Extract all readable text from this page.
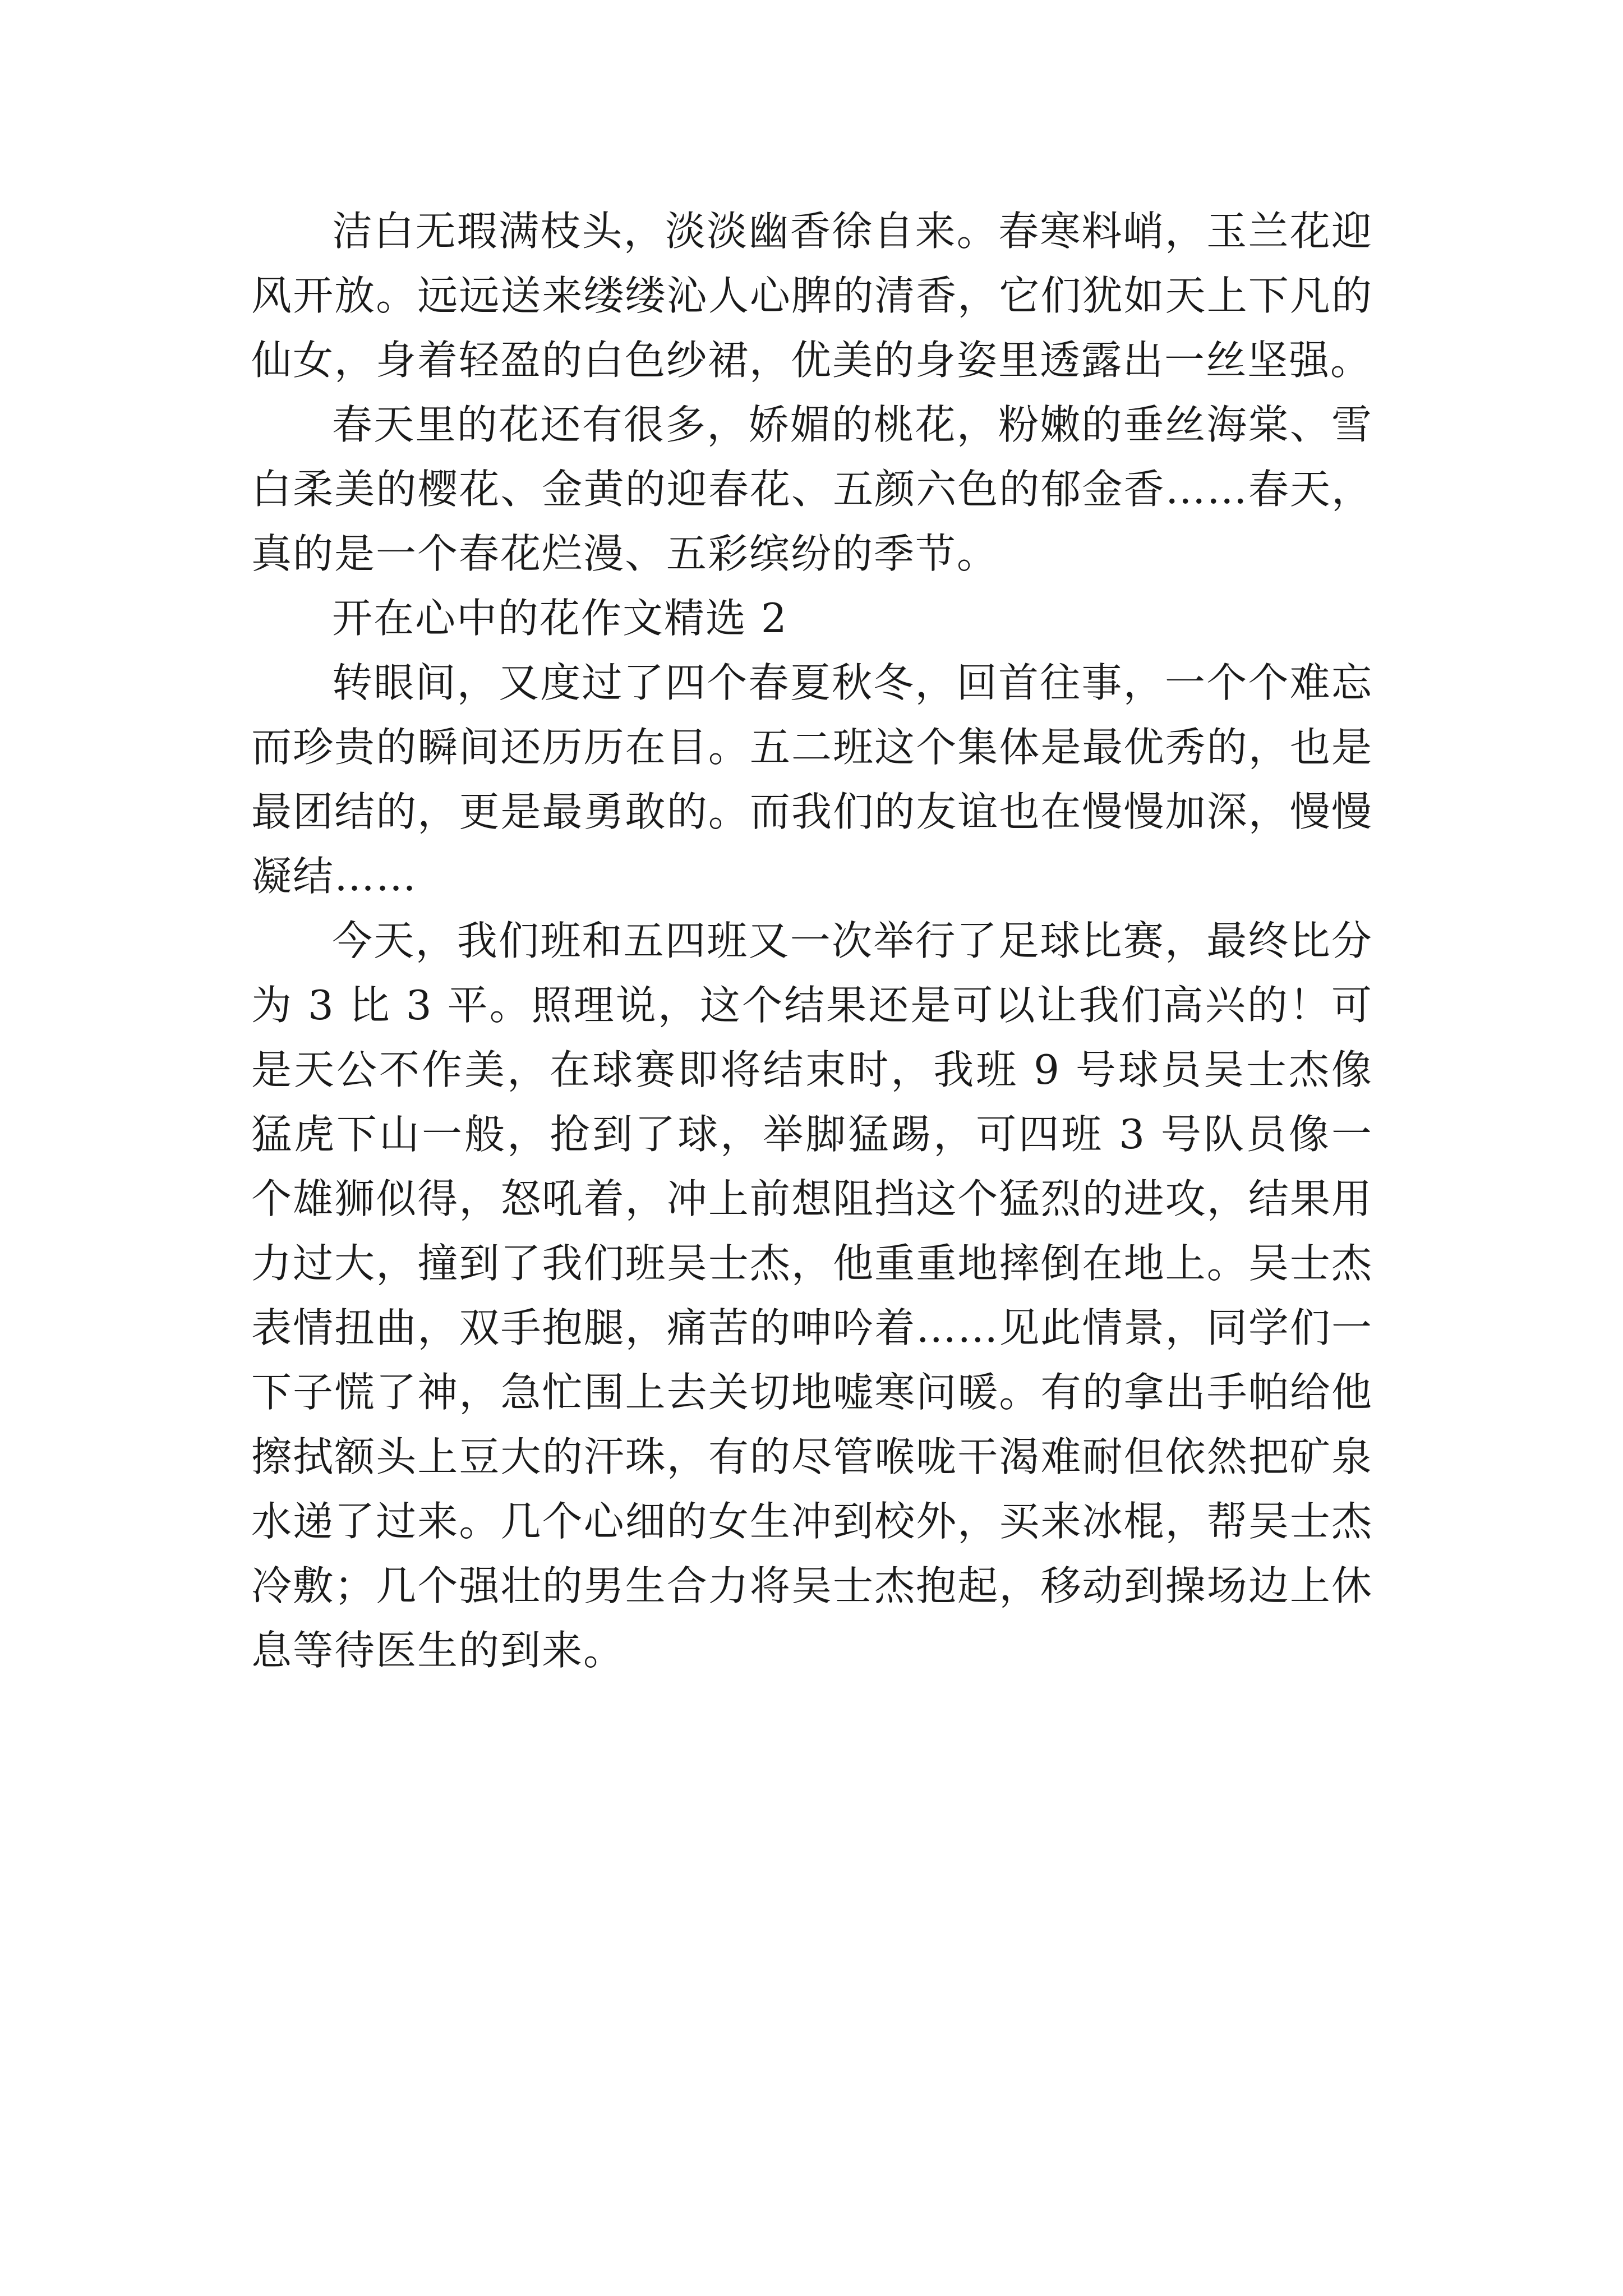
洁白无瑕满枝头，淡淡幽香徐自来。春寒料峭，玉兰花迎风开放。远远送来缕缕沁人心脾的清香，它们犹如天上下凡的仙女，身着轻盈的白色纱裙，优美的身姿里透露出一丝坚强。

春天里的花还有很多，娇媚的桃花，粉嫩的垂丝海棠、雪白柔美的樱花、金黄的迎春花、五颜六色的郁金香……春天，真的是一个春花烂漫、五彩缤纷的季节。

开在心中的花作文精选 2

转眼间，又度过了四个春夏秋冬，回首往事，一个个难忘而珍贵的瞬间还历历在目。五二班这个集体是最优秀的，也是最团结的，更是最勇敢的。而我们的友谊也在慢慢加深，慢慢凝结……

今天，我们班和五四班又一次举行了足球比赛，最终比分为 3 比 3 平。照理说，这个结果还是可以让我们高兴的！可是天公不作美，在球赛即将结束时，我班 9 号球员吴士杰像猛虎下山一般，抢到了球，举脚猛踢，可四班 3 号队员像一个雄狮似得，怒吼着，冲上前想阻挡这个猛烈的进攻，结果用力过大，撞到了我们班吴士杰，他重重地摔倒在地上。吴士杰表情扭曲，双手抱腿，痛苦的呻吟着……见此情景，同学们一下子慌了神，急忙围上去关切地嘘寒问暖。有的拿出手帕给他擦拭额头上豆大的汗珠，有的尽管喉咙干渴难耐但依然把矿泉水递了过来。几个心细的女生冲到校外，买来冰棍，帮吴士杰冷敷；几个强壮的男生合力将吴士杰抱起，移动到操场边上休息等待医生的到来。
